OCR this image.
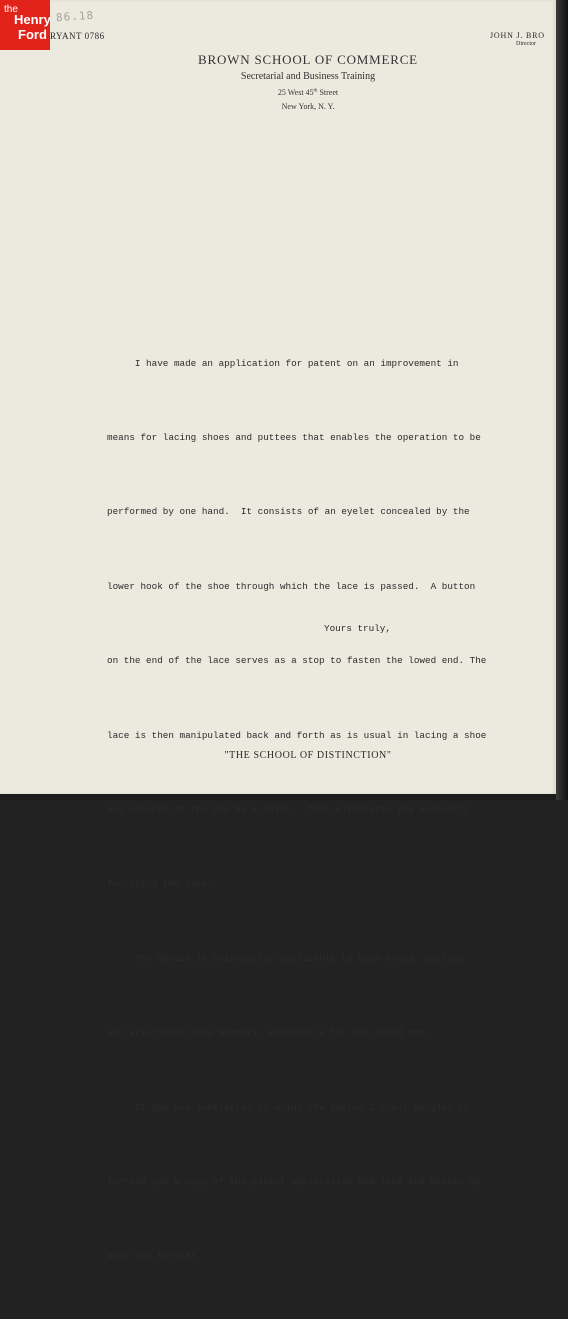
86.18
RYANT 0786	JOHN J. BRO
Director
BROWN SCHOOL OF COMMERCE
Secretarial and Business Training
25 West 45th Street
New York, N. Y.

I have made an application for patent on an improvement in

means for lacing shoes and puttees that enables the operation to be

performed by one hand.  It consists of an eyelet concealed by the

lower hook of the shoe through which the lace is passed.  A button

on the end of the lace serves as a stop to fasten the lowed end. The

lace is then manipulated back and forth as is usual in lacing a shoe

and secured at the top by a catch.  This eliminates the necessity

for tying the lace.

The device is principally applicable to high shoes, puttees

and artificial body members, especially for one armed men.

If you are interested in using the device I shall be glad to

furnish you a copy of the patent application and take the matter up

with you further.

Yours truly,
"THE SCHOOL OF DISTINCTION"
the
Henry
Ford
